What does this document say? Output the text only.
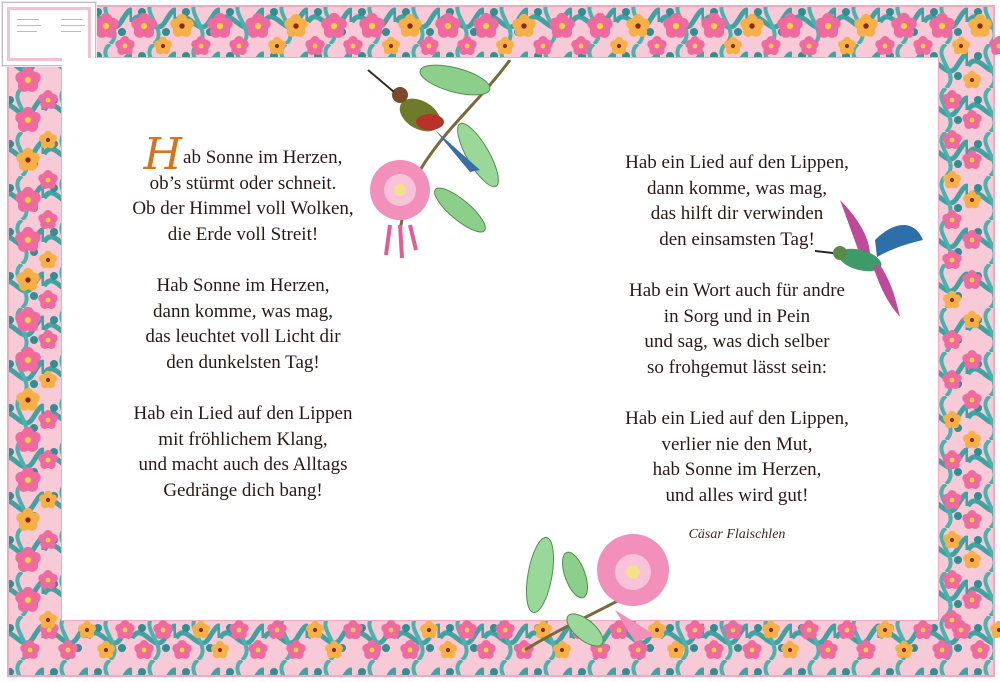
Hab Sonne im Herzen,
ob’s stürmt oder schneit.
Ob der Himmel voll Wolken,
die Erde voll Streit!
Hab Sonne im Herzen,
dann komme, was mag,
das leuchtet voll Licht dir
den dunkelsten Tag!
Hab ein Lied auf den Lippen
mit fröhlichem Klang,
und macht auch des Alltags
Gedränge dich bang!
Hab ein Lied auf den Lippen,
dann komme, was mag,
das hilft dir verwinden
den einsamsten Tag!
Hab ein Wort auch für andre
in Sorg und in Pein
und sag, was dich selber
so frohgemut lässt sein:
Hab ein Lied auf den Lippen,
verlier nie den Mut,
hab Sonne im Herzen,
und alles wird gut!
Cäsar Flaischlen
